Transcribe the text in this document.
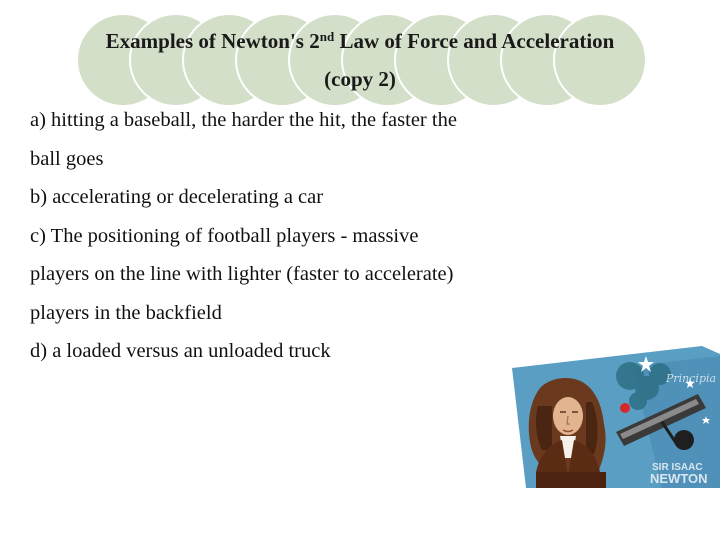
Examples of Newton's 2nd Law of Force and Acceleration
(copy 2)
a) hitting a baseball, the harder the hit, the faster the
ball goes
b) accelerating or decelerating a car
c) The positioning of football players - massive
players on the line with lighter (faster to accelerate)
players in the backfield
d) a loaded versus an unloaded truck
Principia
SIR ISAAC
NEWTON
